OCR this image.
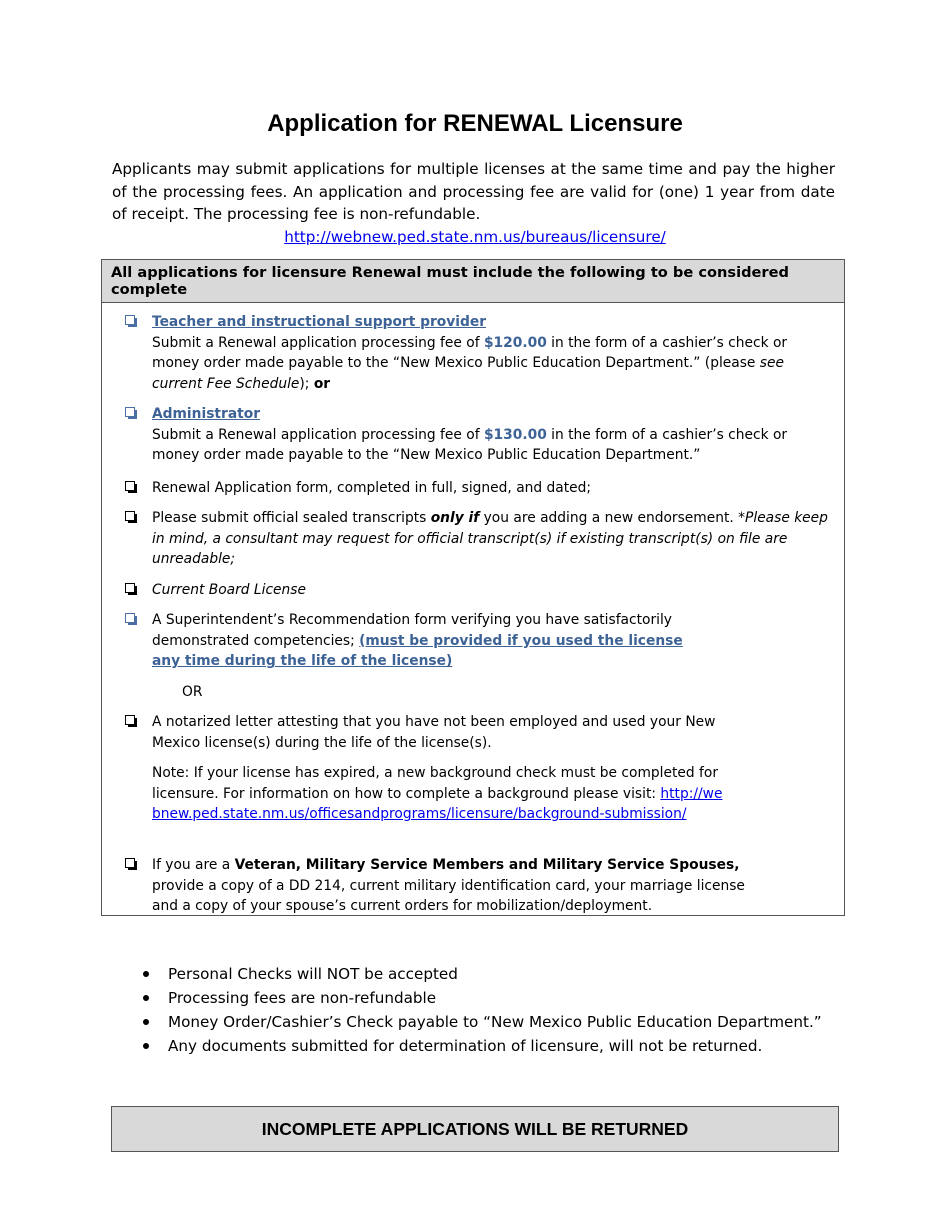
Application for RENEWAL Licensure
Applicants may submit applications for multiple licenses at the same time and pay the higher of the processing fees. An application and processing fee are valid for (one) 1 year from date of receipt. The processing fee is non-refundable.
http://webnew.ped.state.nm.us/bureaus/licensure/
All applications for licensure Renewal must include the following to be considered complete
Teacher and instructional support provider
Submit a Renewal application processing fee of $120.00 in the form of a cashier’s check or money order made payable to the “New Mexico Public Education Department.” (please see current Fee Schedule); or
Administrator
Submit a Renewal application processing fee of $130.00 in the form of a cashier’s check or money order made payable to the “New Mexico Public Education Department.”
Renewal Application form, completed in full, signed, and dated;
Please submit official sealed transcripts only if you are adding a new endorsement. *Please keep in mind, a consultant may request for official transcript(s) if existing transcript(s) on file are unreadable;
Current Board License
A Superintendent’s Recommendation form verifying you have satisfactorily demonstrated competencies; (must be provided if you used the license any time during the life of the license)
OR
A notarized letter attesting that you have not been employed and used your New Mexico license(s) during the life of the license(s).
Note: If your license has expired, a new background check must be completed for licensure. For information on how to complete a background please visit: http://webnew.ped.state.nm.us/officesandprograms/licensure/background-submission/
If you are a Veteran, Military Service Members and Military Service Spouses, provide a copy of a DD 214, current military identification card, your marriage license and a copy of your spouse’s current orders for mobilization/deployment.
Personal Checks will NOT be accepted
Processing fees are non-refundable
Money Order/Cashier’s Check payable to “New Mexico Public Education Department.”
Any documents submitted for determination of licensure, will not be returned.
INCOMPLETE APPLICATIONS WILL BE RETURNED
